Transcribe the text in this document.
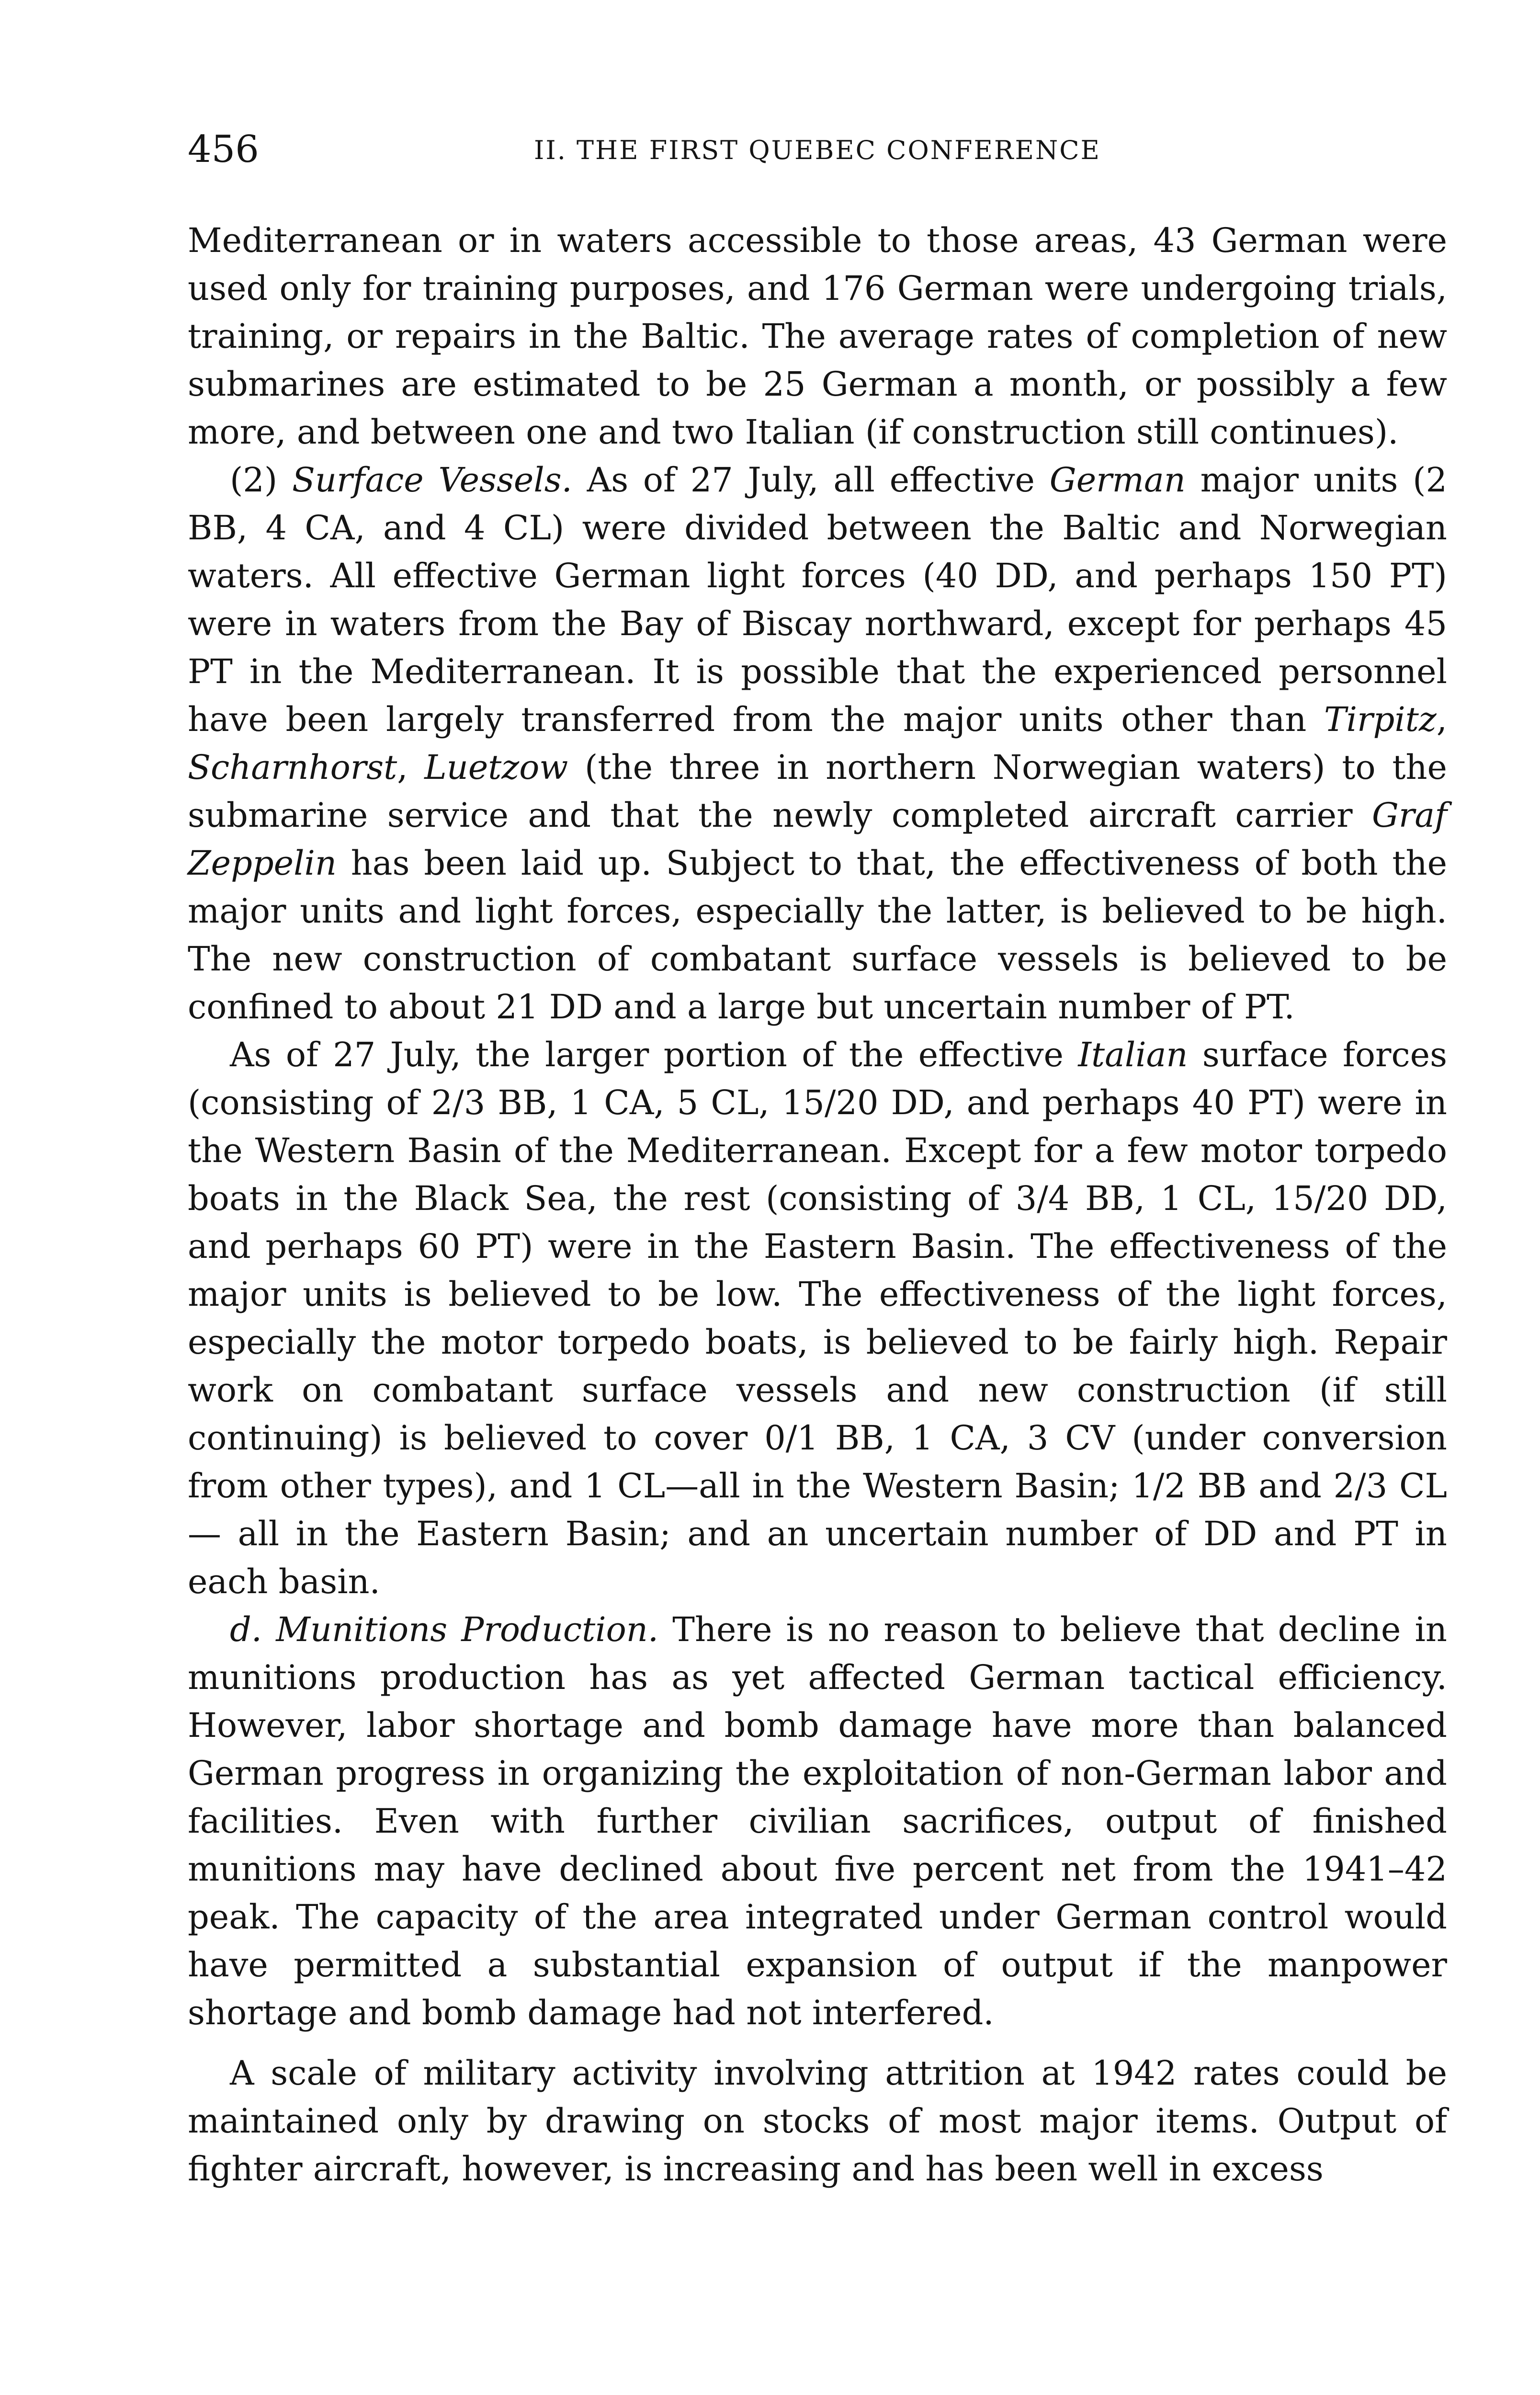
456	II. THE FIRST QUEBEC CONFERENCE

Mediterranean or in waters accessible to those areas, 43 German were used only for training purposes, and 176 German were undergoing trials, training, or repairs in the Baltic. The average rates of completion of new submarines are estimated to be 25 German a month, or possibly a few more, and between one and two Italian (if construction still continues).

(2) Surface Vessels. As of 27 July, all effective German major units (2 BB, 4 CA, and 4 CL) were divided between the Baltic and Norwegian waters. All effective German light forces (40 DD, and perhaps 150 PT) were in waters from the Bay of Biscay northward, except for perhaps 45 PT in the Mediterranean. It is possible that the experienced personnel have been largely transferred from the major units other than Tirpitz, Scharnhorst, Luetzow (the three in northern Norwegian waters) to the submarine service and that the newly completed aircraft carrier Graf Zeppelin has been laid up. Subject to that, the effectiveness of both the major units and light forces, especially the latter, is believed to be high. The new construction of combatant surface vessels is believed to be confined to about 21 DD and a large but uncertain number of PT.

As of 27 July, the larger portion of the effective Italian surface forces (consisting of 2/3 BB, 1 CA, 5 CL, 15/20 DD, and perhaps 40 PT) were in the Western Basin of the Mediterranean. Except for a few motor torpedo boats in the Black Sea, the rest (consisting of 3/4 BB, 1 CL, 15/20 DD, and perhaps 60 PT) were in the Eastern Basin. The effectiveness of the major units is believed to be low. The effectiveness of the light forces, especially the motor torpedo boats, is believed to be fairly high. Repair work on combatant surface vessels and new construction (if still continuing) is believed to cover 0/1 BB, 1 CA, 3 CV (under conversion from other types), and 1 CL—all in the Western Basin; 1/2 BB and 2/3 CL— all in the Eastern Basin; and an uncertain number of DD and PT in each basin.

d. Munitions Production. There is no reason to believe that decline in munitions production has as yet affected German tactical efficiency. However, labor shortage and bomb damage have more than balanced German progress in organizing the exploitation of non-German labor and facilities. Even with further civilian sacrifices, output of finished munitions may have declined about five percent net from the 1941–42 peak. The capacity of the area integrated under German control would have permitted a substantial expansion of output if the manpower shortage and bomb damage had not interfered.

A scale of military activity involving attrition at 1942 rates could be maintained only by drawing on stocks of most major items. Output of fighter aircraft, however, is increasing and has been well in excess
